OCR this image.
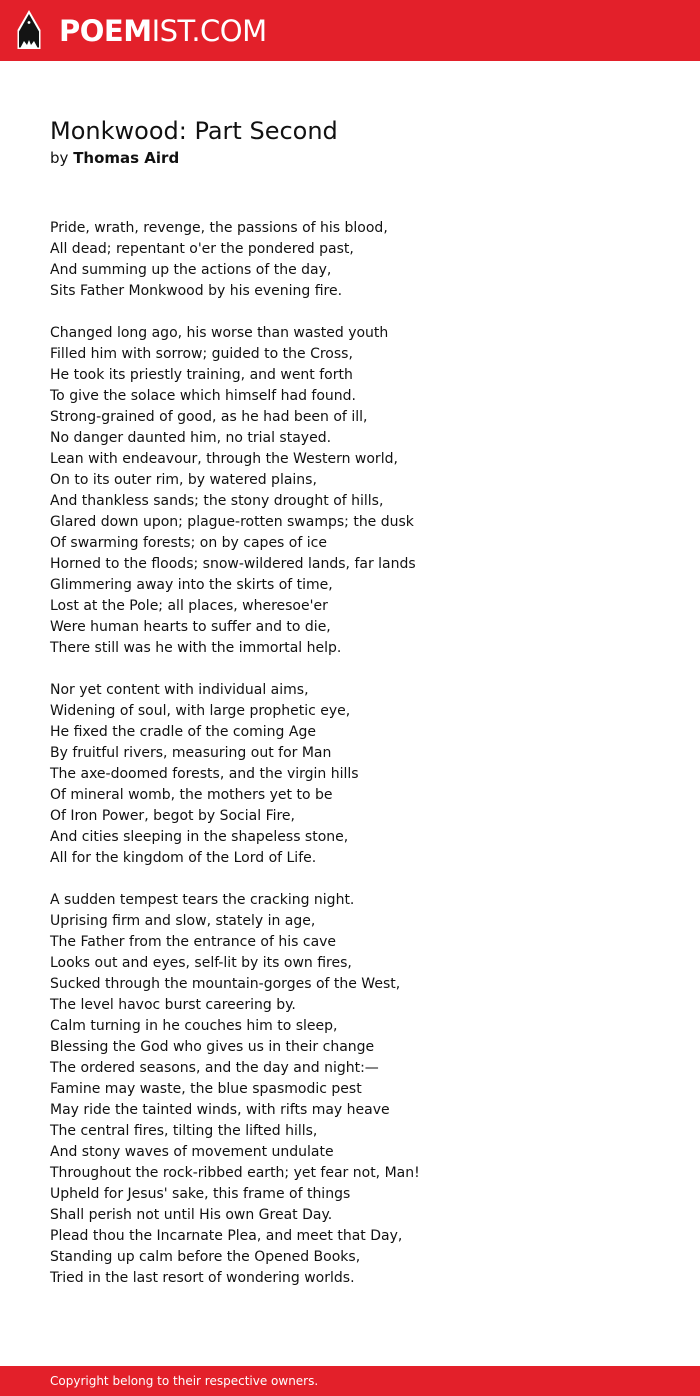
POEMIST.COM
Monkwood: Part Second
by Thomas Aird
Pride, wrath, revenge, the passions of his blood,
All dead; repentant o'er the pondered past,
And summing up the actions of the day,
Sits Father Monkwood by his evening fire.
Changed long ago, his worse than wasted youth
Filled him with sorrow; guided to the Cross,
He took its priestly training, and went forth
To give the solace which himself had found.
Strong-grained of good, as he had been of ill,
No danger daunted him, no trial stayed.
Lean with endeavour, through the Western world,
On to its outer rim, by watered plains,
And thankless sands; the stony drought of hills,
Glared down upon; plague-rotten swamps; the dusk
Of swarming forests; on by capes of ice
Horned to the floods; snow-wildered lands, far lands
Glimmering away into the skirts of time,
Lost at the Pole; all places, wheresoe'er
Were human hearts to suffer and to die,
There still was he with the immortal help.
Nor yet content with individual aims,
Widening of soul, with large prophetic eye,
He fixed the cradle of the coming Age
By fruitful rivers, measuring out for Man
The axe-doomed forests, and the virgin hills
Of mineral womb, the mothers yet to be
Of Iron Power, begot by Social Fire,
And cities sleeping in the shapeless stone,
All for the kingdom of the Lord of Life.
A sudden tempest tears the cracking night.
Uprising firm and slow, stately in age,
The Father from the entrance of his cave
Looks out and eyes, self-lit by its own fires,
Sucked through the mountain-gorges of the West,
The level havoc burst careering by.
Calm turning in he couches him to sleep,
Blessing the God who gives us in their change
The ordered seasons, and the day and night:—
Famine may waste, the blue spasmodic pest
May ride the tainted winds, with rifts may heave
The central fires, tilting the lifted hills,
And stony waves of movement undulate
Throughout the rock-ribbed earth; yet fear not, Man!
Upheld for Jesus' sake, this frame of things
Shall perish not until His own Great Day.
Plead thou the Incarnate Plea, and meet that Day,
Standing up calm before the Opened Books,
Tried in the last resort of wondering worlds.
Copyright belong to their respective owners.
